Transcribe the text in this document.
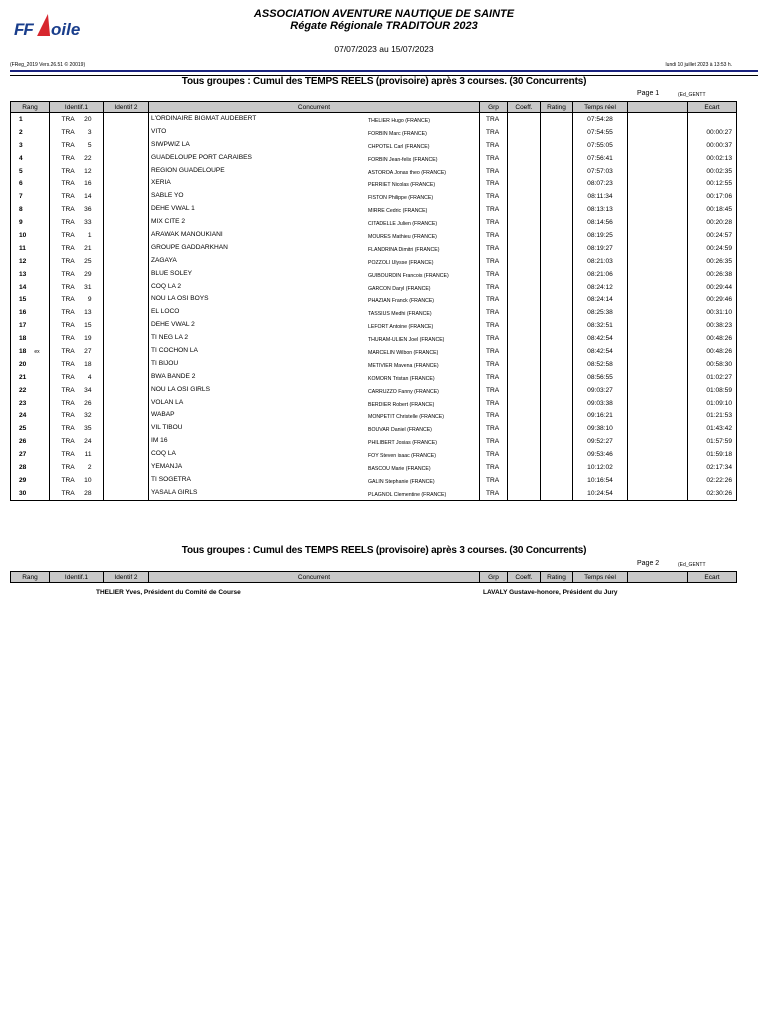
FF oile
ASSOCIATION AVENTURE NAUTIQUE DE SAINTE
Régate Régionale TRADITOUR 2023
07/07/2023 au 15/07/2023
(FReg_2019 Vers.26.51 © 20019)	lundi 10 juillet 2023 à 13:53 h.
Tous groupes : Cumul des TEMPS REELS (provisoire) après 3 courses. (30 Concurrents)
Page 1	(Ed_GENTT
Rang	Identif.1	Identif 2	Concurrent	Grp	Coeff.	Rating	Temps réel		Ecart
1	TRA 20		L'ORDINAIRE BIGMAT AUDEBERT THELIER Hugo (FRANCE)	TRA			07:54:28		
2	TRA 3		VITO FORBIN Marc (FRANCE)	TRA			07:54:55		00:00:27
3	TRA 5		SIWPWIZ LA CHPOTEL Carl (FRANCE)	TRA			07:55:05		00:00:37
4	TRA 22		GUADELOUPE PORT CARAIBES FORBIN Jean-felix (FRANCE)	TRA			07:56:41		00:02:13
5	TRA 12		REGION GUADELOUPE ASTOROA Jonas theo (FRANCE)	TRA			07:57:03		00:02:35
6	TRA 16		XERIA PERRIET Nicolas (FRANCE)	TRA			08:07:23		00:12:55
7	TRA 14		SABLE YO FISTON Philippe (FRANCE)	TRA			08:11:34		00:17:06
8	TRA 36		DEHE VWAL 1 MIRRE Cedric (FRANCE)	TRA			08:13:13		00:18:45
9	TRA 33		MIX CITE 2 CITADELLE Julien (FRANCE)	TRA			08:14:56		00:20:28
10	TRA 1		ARAWAK MANOUKIANI MOURES Mathieu (FRANCE)	TRA			08:19:25		00:24:57
11	TRA 21		GROUPE GADDARKHAN FLANDRINA Dimitri (FRANCE)	TRA			08:19:27		00:24:59
12	TRA 25		ZAGAYA POZZOLI Ulysse (FRANCE)	TRA			08:21:03		00:26:35
13	TRA 29		BLUE SOLEY GUIBOURDIN Francois (FRANCE)	TRA			08:21:06		00:26:38
14	TRA 31		COQ LA 2 GARCON Daryl (FRANCE)	TRA			08:24:12		00:29:44
15	TRA 9		NOU LA OSI BOYS PHAZIAN Franck (FRANCE)	TRA			08:24:14		00:29:46
16	TRA 13		EL LOCO TASSIUS Medhi (FRANCE)	TRA			08:25:38		00:31:10
17	TRA 15		DEHE VWAL 2 LEFORT Antoine (FRANCE)	TRA			08:32:51		00:38:23
18	TRA 19		TI NEG LA 2 THURAM-ULIEN Joel (FRANCE)	TRA			08:42:54		00:48:26
18 ex	TRA 27		TI COCHON LA MARCELIN Wilbon (FRANCE)	TRA			08:42:54		00:48:26
20	TRA 18		TI BIJOU METIVIER Mavena (FRANCE)	TRA			08:52:58		00:58:30
21	TRA 4		BWA BANDE 2 KOMORN Tristan (FRANCE)	TRA			08:56:55		01:02:27
22	TRA 34		NOU LA OSI GIRLS CARRUZZO Fanny (FRANCE)	TRA			09:03:27		01:08:59
23	TRA 26		VOLAN LA BERDIER Robert (FRANCE)	TRA			09:03:38		01:09:10
24	TRA 32		WABAP MONPETIT Christelle (FRANCE)	TRA			09:16:21		01:21:53
25	TRA 35		VIL TIBOU BOUVAR Daniel (FRANCE)	TRA			09:38:10		01:43:42
26	TRA 24		IM 16 PHILIBERT Josias (FRANCE)	TRA			09:52:27		01:57:59
27	TRA 11		COQ LA FOY Steven isaac (FRANCE)	TRA			09:53:46		01:59:18
28	TRA 2		YEMANJA BASCOU Marie (FRANCE)	TRA			10:12:02		02:17:34
29	TRA 10		TI SOGETRA GALIN Stephanie (FRANCE)	TRA			10:16:54		02:22:26
30	TRA 28		YASALA GIRLS PLAGNOL Clementine (FRANCE)	TRA			10:24:54		02:30:26
Tous groupes : Cumul des TEMPS REELS (provisoire) après 3 courses. (30 Concurrents)
Page 2	(Ed_GENTT
Rang	Identif.1	Identif 2	Concurrent	Grp	Coeff.	Rating	Temps réel		Ecart
THELIER Yves, Président du Comité de Course	LAVALY Gustave-honore, Président du Jury
